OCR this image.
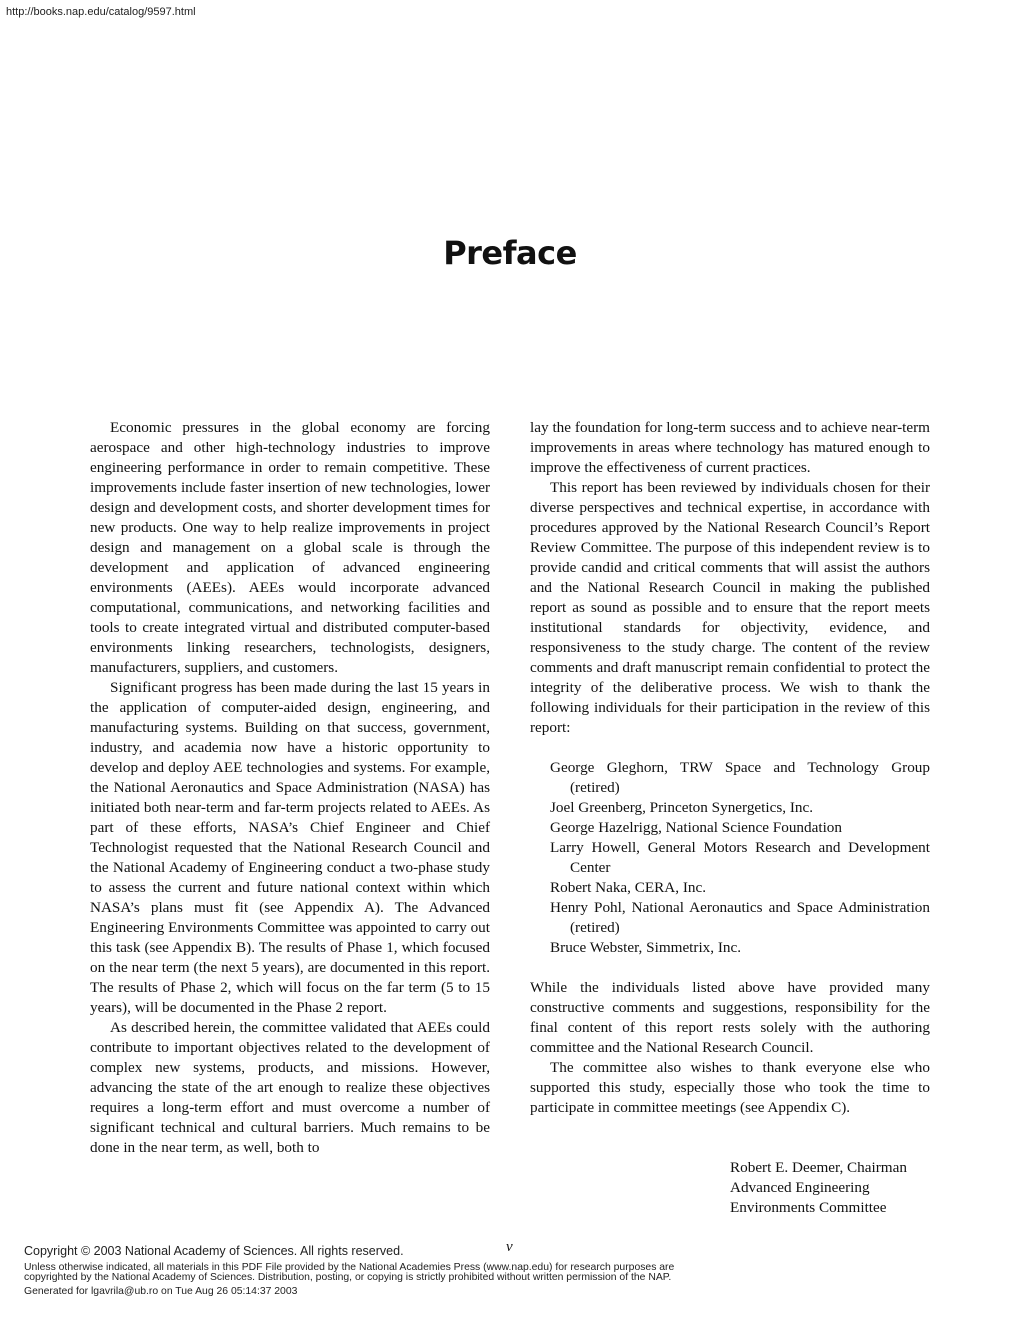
http://books.nap.edu/catalog/9597.html
Preface

Economic pressures in the global economy are forcing aerospace and other high-technology industries to improve engineering performance in order to remain competitive. These improvements include faster insertion of new technologies, lower design and development costs, and shorter development times for new products. One way to help realize improvements in project design and management on a global scale is through the development and application of advanced engineering environments (AEEs). AEEs would incorporate advanced computational, communications, and networking facilities and tools to create integrated virtual and distributed computer-based environments linking researchers, technologists, designers, manufacturers, suppliers, and customers.

Significant progress has been made during the last 15 years in the application of computer-aided design, engineering, and manufacturing systems. Building on that success, government, industry, and academia now have a historic opportunity to develop and deploy AEE technologies and systems. For example, the National Aeronautics and Space Administration (NASA) has initiated both near-term and far-term projects related to AEEs. As part of these efforts, NASA’s Chief Engineer and Chief Technologist requested that the National Research Council and the National Academy of Engineering conduct a two-phase study to assess the current and future national context within which NASA’s plans must fit (see Appendix A). The Advanced Engineering Environments Committee was appointed to carry out this task (see Appendix B). The results of Phase 1, which focused on the near term (the next 5 years), are documented in this report. The results of Phase 2, which will focus on the far term (5 to 15 years), will be documented in the Phase 2 report.

As described herein, the committee validated that AEEs could contribute to important objectives related to the development of complex new systems, products, and missions. However, advancing the state of the art enough to realize these objectives requires a long-term effort and must overcome a number of significant technical and cultural barriers. Much remains to be done in the near term, as well, both to

lay the foundation for long-term success and to achieve near-term improvements in areas where technology has matured enough to improve the effectiveness of current practices.

This report has been reviewed by individuals chosen for their diverse perspectives and technical expertise, in accordance with procedures approved by the National Research Council’s Report Review Committee. The purpose of this independent review is to provide candid and critical comments that will assist the authors and the National Research Council in making the published report as sound as possible and to ensure that the report meets institutional standards for objectivity, evidence, and responsiveness to the study charge. The content of the review comments and draft manuscript remain confidential to protect the integrity of the deliberative process. We wish to thank the following individuals for their participation in the review of this report:

George Gleghorn, TRW Space and Technology Group (retired)
Joel Greenberg, Princeton Synergetics, Inc.
George Hazelrigg, National Science Foundation
Larry Howell, General Motors Research and Development Center
Robert Naka, CERA, Inc.
Henry Pohl, National Aeronautics and Space Administration (retired)
Bruce Webster, Simmetrix, Inc.

While the individuals listed above have provided many constructive comments and suggestions, responsibility for the final content of this report rests solely with the authoring committee and the National Research Council.

The committee also wishes to thank everyone else who supported this study, especially those who took the time to participate in committee meetings (see Appendix C).

Robert E. Deemer, Chairman
Advanced Engineering
Environments Committee
v
Copyright © 2003 National Academy of Sciences. All rights reserved.
Unless otherwise indicated, all materials in this PDF File provided by the National Academies Press (www.nap.edu) for research purposes are copyrighted by the National Academy of Sciences. Distribution, posting, or copying is strictly prohibited without written permission of the NAP.
Generated for lgavrila@ub.ro on Tue Aug 26 05:14:37 2003
